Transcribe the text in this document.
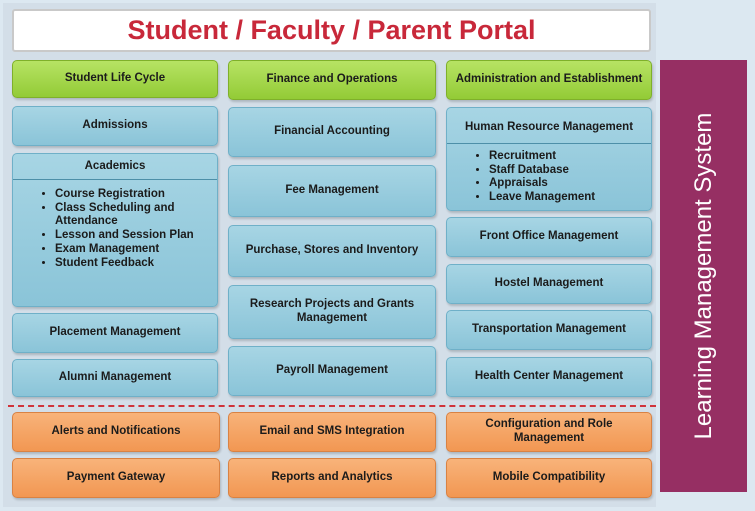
Student / Faculty / Parent Portal
Student Life Cycle
Admissions
Academics
• Course Registration
• Class Scheduling and Attendance
• Lesson and Session Plan
• Exam Management
• Student Feedback
Placement Management
Alumni Management
Finance and Operations
Financial Accounting
Fee Management
Purchase, Stores and Inventory
Research Projects and Grants Management
Payroll Management
Administration and Establishment
Human Resource Management
• Recruitment
• Staff Database
• Appraisals
• Leave Management
Front Office Management
Hostel Management
Transportation Management
Health Center Management
Alerts and Notifications	Email and SMS Integration
Configuration and Role Management
Payment Gateway	Reports and Analytics	Mobile Compatibility
Learning Management System
